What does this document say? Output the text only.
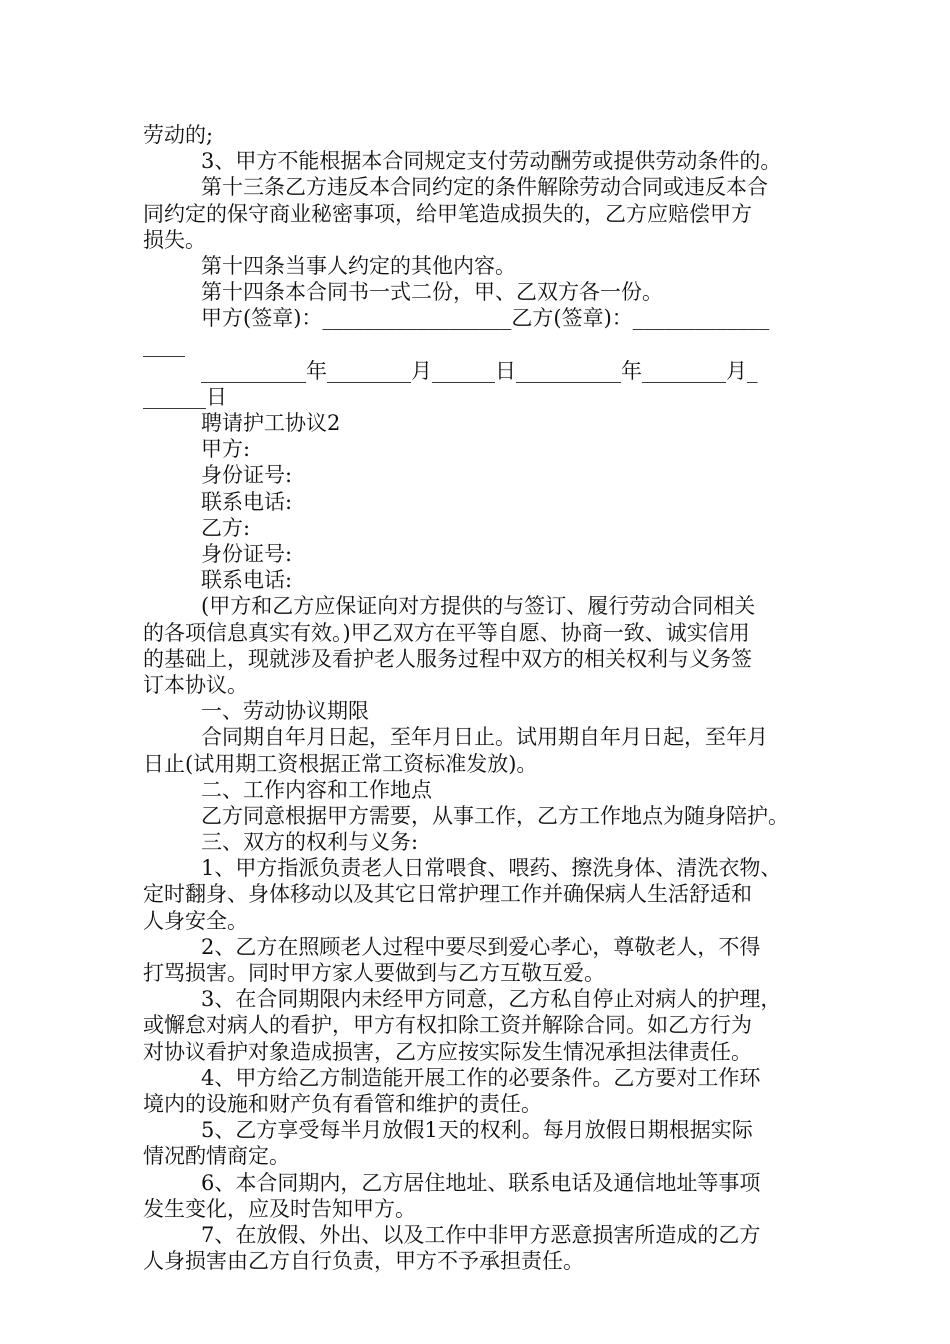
劳动的;
3、甲方不能根据本合同规定支付劳动酬劳或提供劳动条件的。
第十三条乙方违反本合同约定的条件解除劳动合同或违反本合
同约定的保守商业秘密事项，给甲笔造成损失的，乙方应赔偿甲方
损失。
第十四条当事人约定的其他内容。
第十四条本合同书一式二份，甲、乙双方各一份。
甲方(签章)：__________________乙方(签章)：_____________
____
__________年________月______日__________年________月_
______日
聘请护工协议2
甲方:
身份证号:
联系电话:
乙方:
身份证号:
联系电话:
(甲方和乙方应保证向对方提供的与签订、履行劳动合同相关
的各项信息真实有效。)甲乙双方在平等自愿、协商一致、诚实信用
的基础上，现就涉及看护老人服务过程中双方的相关权利与义务签
订本协议。
一、劳动协议期限
合同期自年月日起，至年月日止。试用期自年月日起，至年月
日止(试用期工资根据正常工资标准发放)。
二、工作内容和工作地点
乙方同意根据甲方需要，从事工作，乙方工作地点为随身陪护。
三、双方的权利与义务:
1、甲方指派负责老人日常喂食、喂药、擦洗身体、清洗衣物、
定时翻身、身体移动以及其它日常护理工作并确保病人生活舒适和
人身安全。
2、乙方在照顾老人过程中要尽到爱心孝心，尊敬老人，不得
打骂损害。同时甲方家人要做到与乙方互敬互爱。
3、在合同期限内未经甲方同意，乙方私自停止对病人的护理，
或懈怠对病人的看护，甲方有权扣除工资并解除合同。如乙方行为
对协议看护对象造成损害，乙方应按实际发生情况承担法律责任。
4、甲方给乙方制造能开展工作的必要条件。乙方要对工作环
境内的设施和财产负有看管和维护的责任。
5、乙方享受每半月放假1天的权利。每月放假日期根据实际
情况酌情商定。
6、本合同期内，乙方居住地址、联系电话及通信地址等事项
发生变化，应及时告知甲方。
7、在放假、外出、以及工作中非甲方恶意损害所造成的乙方
人身损害由乙方自行负责，甲方不予承担责任。
